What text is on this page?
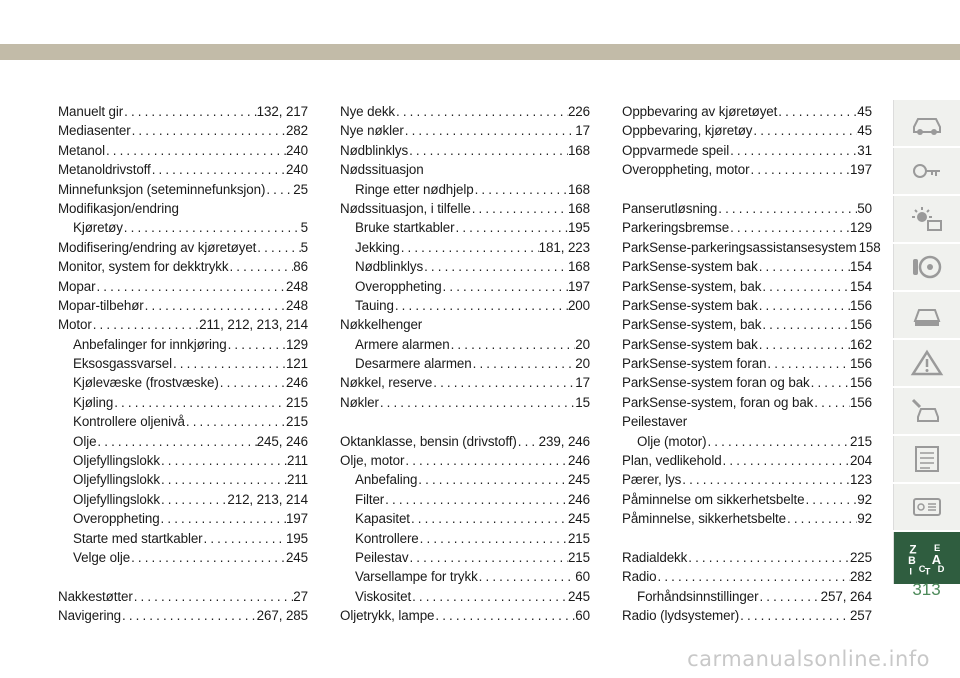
Manuelt gir .....	132, 217
Mediasenter .....	282
Metanol .....	240
Metanoldrivstoff .....	240
Minnefunksjon (seteminnefunksjon) ..... 25
Modifikasjon/endring
Kjøretøy .....	5
Modifisering/endring av kjøretøyet .....	5
Monitor, system for dekktrykk .....	86
Mopar .....	248
Mopar-tilbehør .....	248
Motor .....	211, 212, 213, 214
Anbefalinger for innkjøring .....	129
Eksosgassvarsel .....	121
Kjølevæske (frostvæske) .....	246
Kjøling .....	215
Kontrollere oljenivå .....	215
Olje .....	245, 246
Oljefyllingslokk .....	211
Oljefyllingslokk .....	211
Oljefyllingslokk .....	212, 213, 214
Overoppheting .....	197
Starte med startkabler .....	195
Velge olje .....	245
Nakkestøtter .....	27
Navigering .....	267, 285
Nye dekk .....	226
Nye nøkler .....	17
Nødblinklys .....	168
Nødssituasjon
Ringe etter nødhjelp .....	168
Nødssituasjon, i tilfelle .....	168
Bruke startkabler .....	195
Jekking .....	181, 223
Nødblinklys .....	168
Overoppheting .....	197
Tauing .....	200
Nøkkelhenger
Armere alarmen .....	20
Desarmere alarmen .....	20
Nøkkel, reserve .....	17
Nøkler .....	15
Oktanklasse, bensin (drivstoff) ..... 239, 246
Olje, motor .....	246
Anbefaling .....	245
Filter .....	246
Kapasitet .....	245
Kontrollere .....	215
Peilestav .....	215
Varsellampe for trykk .....	60
Viskositet .....	245
Oljetrykk, lampe .....	60
Oppbevaring av kjøretøyet .....	45
Oppbevaring, kjøretøy .....	45
Oppvarmede speil .....	31
Overoppheting, motor .....	197
Panserutløsning .....	50
Parkeringsbremse .....	129
ParkSense-parkeringsassistansesystem 158
ParkSense-system bak .....	154
ParkSense-system, bak .....	154
ParkSense-system bak .....	156
ParkSense-system, bak .....	156
ParkSense-system bak .....	162
ParkSense-system foran .....	156
ParkSense-system foran og bak .....	156
ParkSense-system, foran og bak .....	156
Peilestaver
Olje (motor) .....	215
Plan, vedlikehold .....	204
Pærer, lys .....	123
Påminnelse om sikkerhetsbelte .....	92
Påminnelse, sikkerhetsbelte .....	92
Radialdekk .....	225
Radio .....	282
Forhåndsinnstillinger .....	257, 264
Radio (lydsystemer) .....	257
Z E
B A
C D
I T
313
carmanualsonline.info
